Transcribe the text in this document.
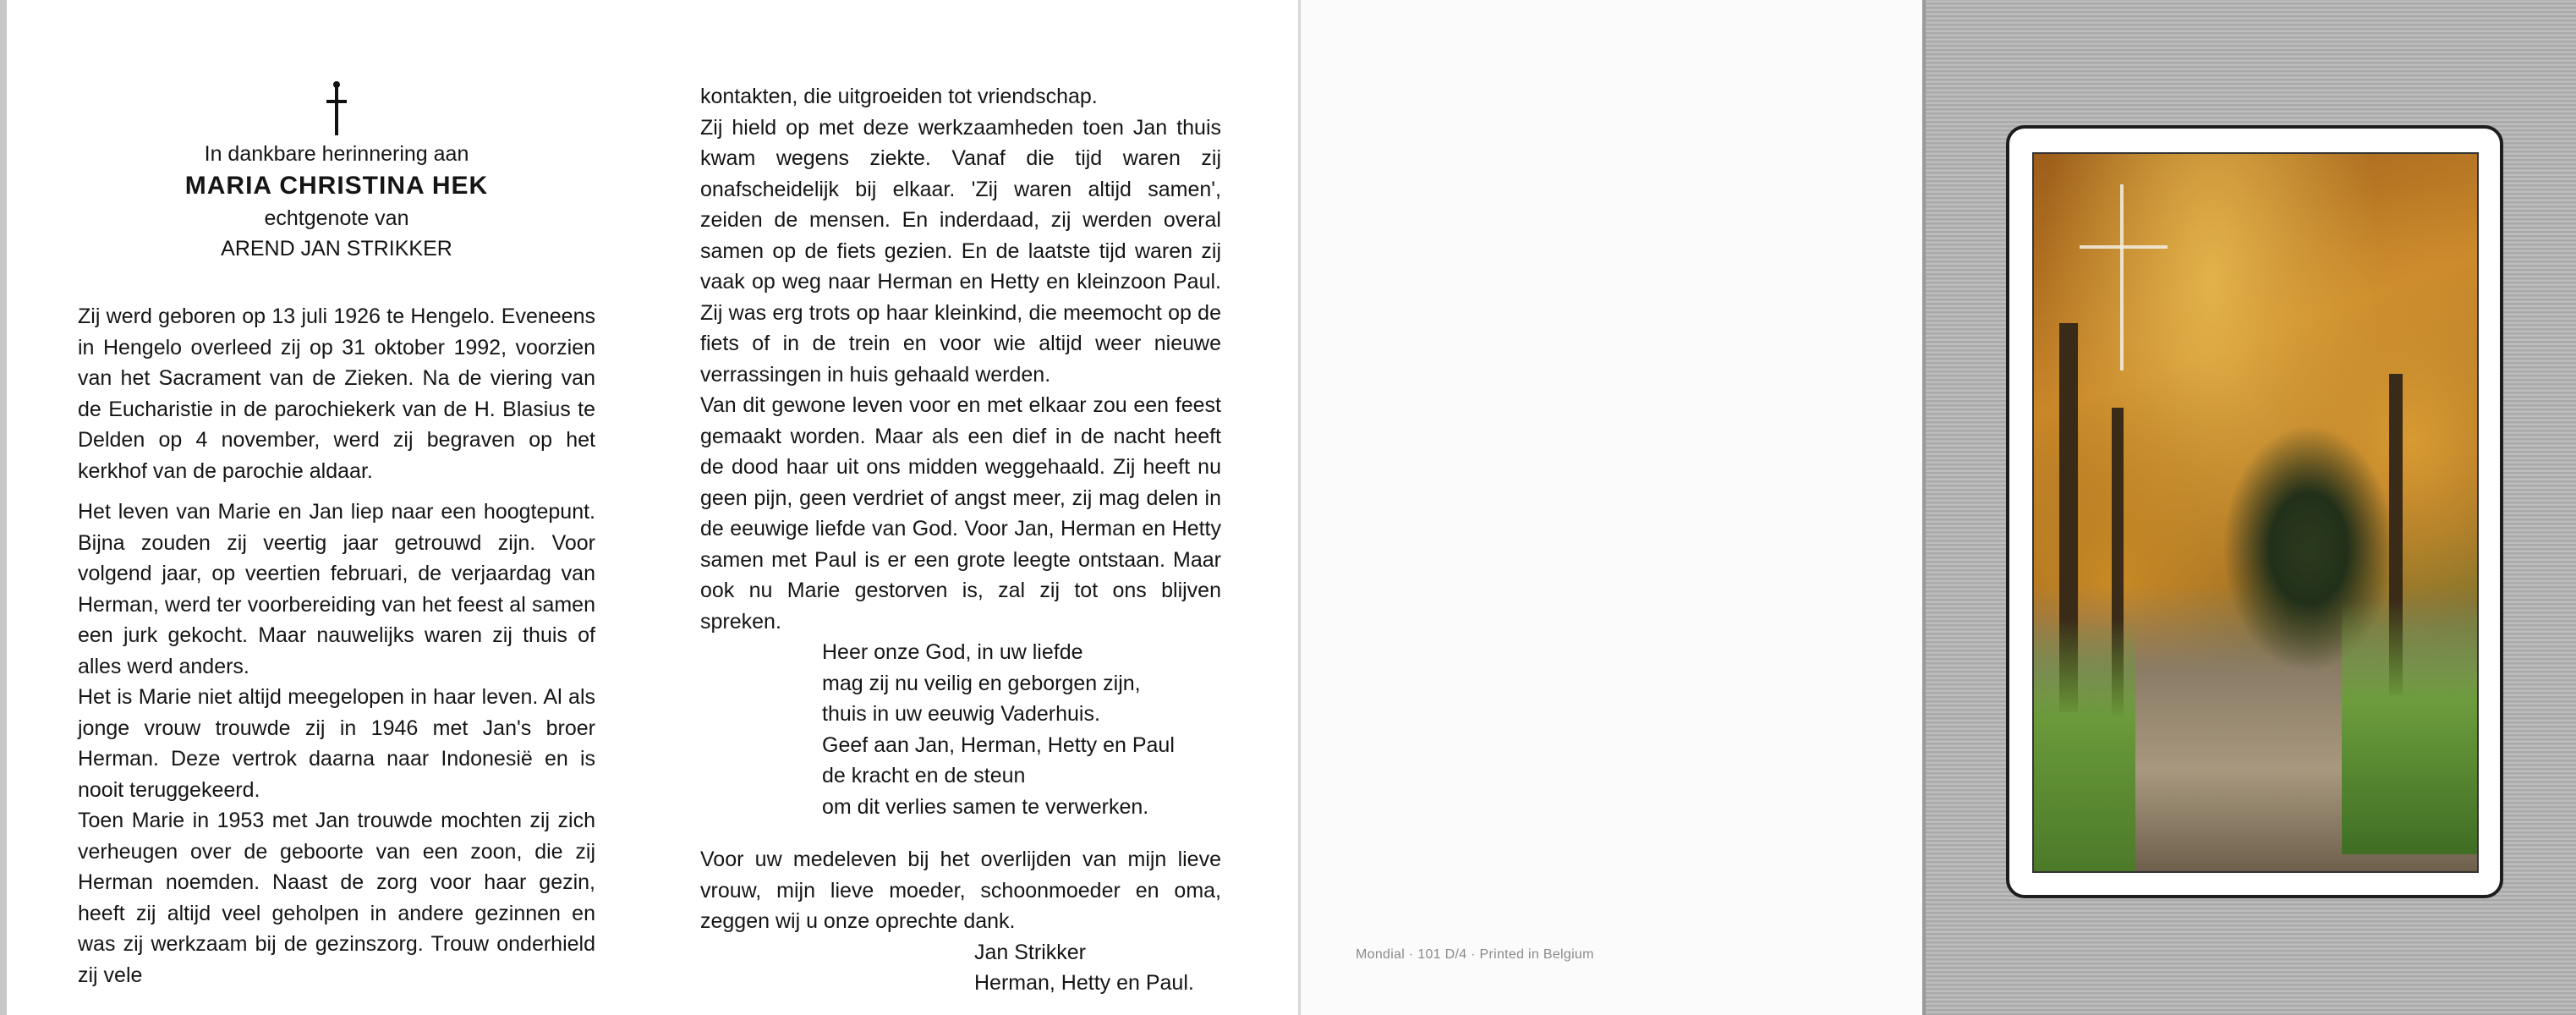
In dankbare herinnering aan
MARIA CHRISTINA HEK
echtgenote van
AREND JAN STRIKKER

Zij werd geboren op 13 juli 1926 te Hengelo. Eveneens in Hengelo overleed zij op 31 oktober 1992, voorzien van het Sacrament van de Zieken. Na de viering van de Eucharistie in de parochiekerk van de H. Blasius te Delden op 4 november, werd zij begraven op het kerkhof van de parochie aldaar.

Het leven van Marie en Jan liep naar een hoogtepunt. Bijna zouden zij veertig jaar getrouwd zijn. Voor volgend jaar, op veertien februari, de verjaardag van Herman, werd ter voorbereiding van het feest al samen een jurk gekocht. Maar nauwelijks waren zij thuis of alles werd anders.

Het is Marie niet altijd meegelopen in haar leven. Al als jonge vrouw trouwde zij in 1946 met Jan's broer Herman. Deze vertrok daarna naar Indonesië en is nooit teruggekeerd.

Toen Marie in 1953 met Jan trouwde mochten zij zich verheugen over de geboorte van een zoon, die zij Herman noemden. Naast de zorg voor haar gezin, heeft zij altijd veel geholpen in andere gezinnen en was zij werkzaam bij de gezinszorg. Trouw onderhield zij vele

kontakten, die uitgroeiden tot vriendschap.

Zij hield op met deze werkzaamheden toen Jan thuis kwam wegens ziekte. Vanaf die tijd waren zij onafscheidelijk bij elkaar. 'Zij waren altijd samen', zeiden de mensen. En inderdaad, zij werden overal samen op de fiets gezien. En de laatste tijd waren zij vaak op weg naar Herman en Hetty en kleinzoon Paul. Zij was erg trots op haar kleinkind, die meemocht op de fiets of in de trein en voor wie altijd weer nieuwe verrassingen in huis gehaald werden.

Van dit gewone leven voor en met elkaar zou een feest gemaakt worden. Maar als een dief in de nacht heeft de dood haar uit ons midden weggehaald. Zij heeft nu geen pijn, geen verdriet of angst meer, zij mag delen in de eeuwige liefde van God. Voor Jan, Herman en Hetty samen met Paul is er een grote leegte ontstaan. Maar ook nu Marie gestorven is, zal zij tot ons blijven spreken.

Heer onze God, in uw liefde
mag zij nu veilig en geborgen zijn,
thuis in uw eeuwig Vaderhuis.
Geef aan Jan, Herman, Hetty en Paul
de kracht en de steun
om dit verlies samen te verwerken.

Voor uw medeleven bij het overlijden van mijn lieve vrouw, mijn lieve moeder, schoonmoeder en oma, zeggen wij u onze oprechte dank.

Jan Strikker
Herman, Hetty en Paul.
Mondial · 101 D/4 · Printed in Belgium
